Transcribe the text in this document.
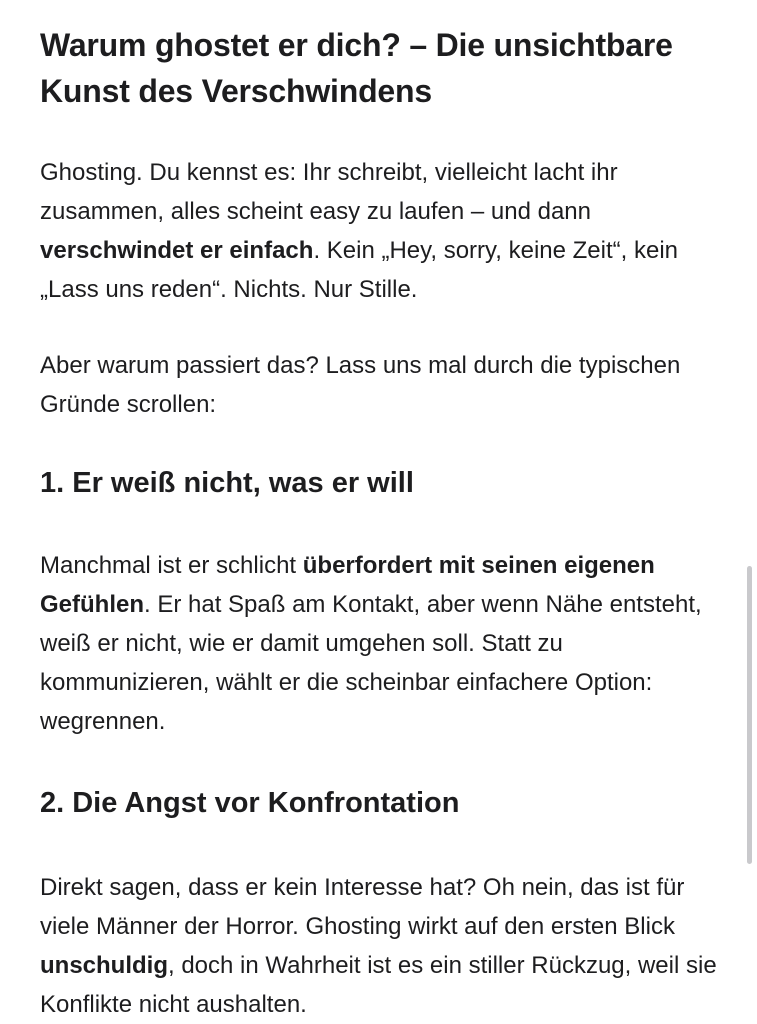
Warum ghostet er dich? – Die unsichtbare Kunst des Verschwindens

Ghosting. Du kennst es: Ihr schreibt, vielleicht lacht ihr zusammen, alles scheint easy zu laufen – und dann verschwindet er einfach. Kein „Hey, sorry, keine Zeit“, kein „Lass uns reden“. Nichts. Nur Stille.

Aber warum passiert das? Lass uns mal durch die typischen Gründe scrollen:

1. Er weiß nicht, was er will

Manchmal ist er schlicht überfordert mit seinen eigenen Gefühlen. Er hat Spaß am Kontakt, aber wenn Nähe entsteht, weiß er nicht, wie er damit umgehen soll. Statt zu kommunizieren, wählt er die scheinbar einfachere Option: wegrennen.

2. Die Angst vor Konfrontation

Direkt sagen, dass er kein Interesse hat? Oh nein, das ist für viele Männer der Horror. Ghosting wirkt auf den ersten Blick unschuldig, doch in Wahrheit ist es ein stiller Rückzug, weil sie Konflikte nicht aushalten.
